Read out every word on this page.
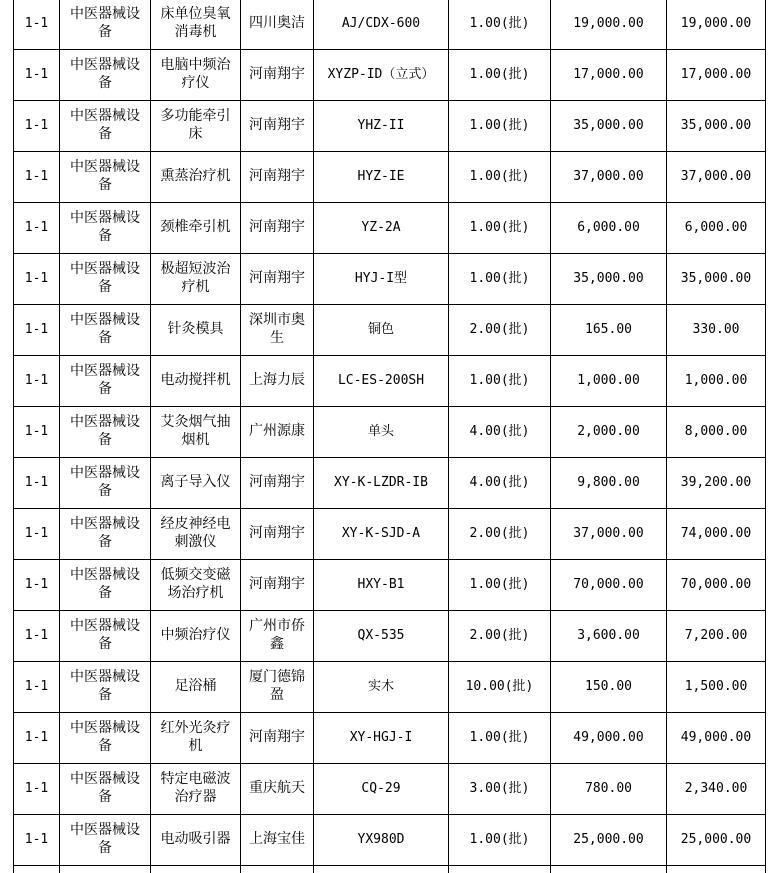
1-1	中医器械设备	床单位臭氧消毒机	四川奥洁	AJ/CDX-600	1.00(批)	19,000.00	19,000.00
1-1	中医器械设备	电脑中频治疗仪	河南翔宇	XYZP-ID（立式）	1.00(批)	17,000.00	17,000.00
1-1	中医器械设备	多功能牵引床	河南翔宇	YHZ-II	1.00(批)	35,000.00	35,000.00
1-1	中医器械设备	熏蒸治疗机	河南翔宇	HYZ-IE	1.00(批)	37,000.00	37,000.00
1-1	中医器械设备	颈椎牵引机	河南翔宇	YZ-2A	1.00(批)	6,000.00	6,000.00
1-1	中医器械设备	极超短波治疗机	河南翔宇	HYJ-I型	1.00(批)	35,000.00	35,000.00
1-1	中医器械设备	针灸模具	深圳市奥生	铜色	2.00(批)	165.00	330.00
1-1	中医器械设备	电动搅拌机	上海力辰	LC-ES-200SH	1.00(批)	1,000.00	1,000.00
1-1	中医器械设备	艾灸烟气抽烟机	广州源康	单头	4.00(批)	2,000.00	8,000.00
1-1	中医器械设备	离子导入仪	河南翔宇	XY-K-LZDR-IB	4.00(批)	9,800.00	39,200.00
1-1	中医器械设备	经皮神经电刺激仪	河南翔宇	XY-K-SJD-A	2.00(批)	37,000.00	74,000.00
1-1	中医器械设备	低频交变磁场治疗机	河南翔宇	HXY-B1	1.00(批)	70,000.00	70,000.00
1-1	中医器械设备	中频治疗仪	广州市侨鑫	QX-535	2.00(批)	3,600.00	7,200.00
1-1	中医器械设备	足浴桶	厦门德锦盈	实木	10.00(批)	150.00	1,500.00
1-1	中医器械设备	红外光灸疗机	河南翔宇	XY-HGJ-I	1.00(批)	49,000.00	49,000.00
1-1	中医器械设备	特定电磁波治疗器	重庆航天	CQ-29	3.00(批)	780.00	2,340.00
1-1	中医器械设备	电动吸引器	上海宝佳	YX980D	1.00(批)	25,000.00	25,000.00
